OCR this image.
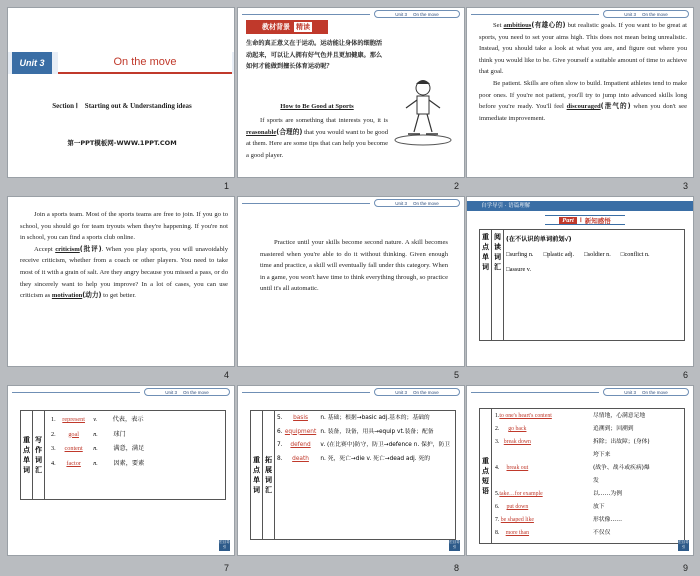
Unit 3	On the move
Section Ⅰ　Starting out & Understanding ideas
第一PPT模板网-WWW.1PPT.COM
1
Unit 3 On the move
教材背景 精读
生命的真正意义在于运动。运动能让身体的细胞活动起来，可以让人拥有好气色并且更加健康。那么如何才能做到擅长体育运动呢？
How to Be Good at Sports

If sports are something that interests you, it is reasonable(合理的) that you would want to be good at them. Here are some tips that can help you become a good player.

2
Unit 3 On the move

Set ambitious(有雄心的) but realistic goals. If you want to be great at sports, you need to set your aims high. This does not mean being unrealistic. Instead, you should take a look at what you are, and figure out where you think you would like to be. Give yourself a suitable amount of time to achieve that goal.

Be patient. Skills are often slow to build. Impatient athletes tend to make poor ones. If you're not patient, you'll try to jump into advanced skills long before you're ready. You'll feel discouraged(泄气的) when you don't see immediate improvement.

3

Join a sports team. Most of the sports teams are free to join. If you go to school, you should go for team tryouts when they're happening. If you're not in school, you can find a sports club online.

Accept criticism(批评). When you play sports, you will unavoidably receive criticism, whether from a coach or other players. You need to take most of it with a grain of salt. Are they angry because you missed a pass, or do they sincerely want to help you improve? In a lot of cases, you can use criticism as motivation(动力) to get better.

4
Unit 3 On the move

Practice until your skills become second nature. A skill becomes mastered when you're able to do it without thinking. Given enough time and practice, a skill will eventually fall under this category. When in a game, you won't have time to think everything through, so practice until it's all automatic.

5
自学导引 · 语篇理解
Part Ⅰ 新知感悟
重点单词	阅读词汇	
(在不认识的单词前划√)
□surfing n. □plastic adj. □soldier n. □conflict n.
□assure v.
6
Unit 3 On the move
重点单词	写作词汇	
1. represent v.	代表，表示
2. goal n.	球门
3. content n.	满意，满足
4. factor n.	因素，要素
栏目导引
7
Unit 3 On the move
重点单词	拓展词汇	
5. basis n. 基础；根据→basic adj.基本的；基础的
6. equipment n. 装备，设备，用具→equip vt.装备；配备
7. defend v. (在比赛中)防守，防卫→defence n. 保护，防卫
8. death n. 死，死亡→die v. 死亡→dead adj. 死的
栏目导引
8
Unit 3 On the move
重点短语	
1.to one's heart's content	尽情地，心满意足地
2. go back	追溯到；回溯到
3. break down	拆除；出故障；(身体)垮下来
4. break out	(战争、战斗或疾病)爆发
5.take…for example	以……为例
6. put down	放下
7.be shaped like	形状像……
8. more than	不仅仅
栏目导引
9
